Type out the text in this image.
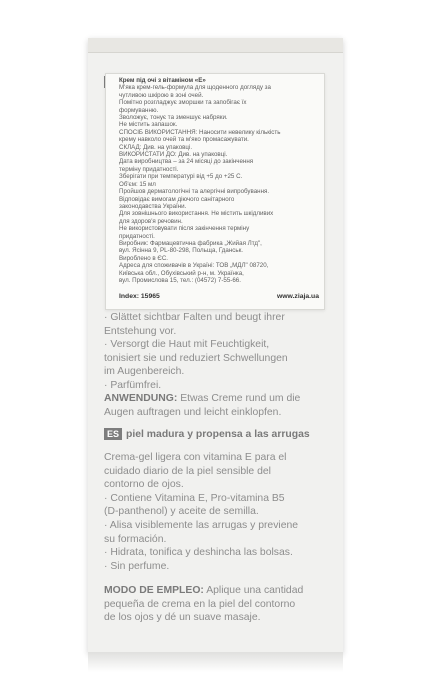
Крем під очі з вітаміном «Е»
М'яка крем-гель-формула для щоденного догляду за
чутливою шкірою в зоні очей.
Помітно розгладжує зморшки та запобігає їх
формуванню.
Зволожує, тонує та зменшує набряки.
Не містить запашок.
СПОСІБ ВИКОРИСТАННЯ: Наносити невелику кількість
крему навколо очей та м'яко промасажувати.
СКЛАД: Див. на упаковці.
ВИКОРИСТАТИ ДО: Див. на упаковці.
Дата виробництва – за 24 місяці до закінчення
терміну придатності.
Зберігати при температурі від +5 до +25 С.
Об'єм: 15 мл
Пройшов дерматологічні та алергічні випробування.
Відповідає вимогам діючого санітарного
законодавства України.
Для зовнішнього використання. Не містить шкідливих
для здоров'я речовин.
Не використовувати після закінчення терміну
придатності.
Виробник: Фармацевтична фабрика „Жийая Лтд",
вул. Ясінна 9, PL-80-298, Польща, Гданськ.
Вироблено в ЄС.
Адреса для споживачів в Україні: ТОВ „МДЛ" 08720,
Київська обл., Обухівський р-н, м. Українка,
вул. Промислова 15, тел.: (04572) 7-55-66.
Index: 15965	www.ziaja.ua
· Glättet sichtbar Falten und beugt ihrer
Entstehung vor.
· Versorgt die Haut mit Feuchtigkeit,
tonisiert sie und reduziert Schwellungen
im Augenbereich.
· Parfümfrei.
ANWENDUNG: Etwas Creme rund um die
Augen auftragen und leicht einklopfen.
ES piel madura y propensa a las arrugas
Crema-gel ligera con vitamina E para el
cuidado diario de la piel sensible del
contorno de ojos.
· Contiene Vitamina E, Pro-vitamina B5
(D-panthenol) y aceite de semilla.
· Alisa visiblemente las arrugas y previene
su formación.
· Hidrata, tonifica y deshincha las bolsas.
· Sin perfume.
MODO DE EMPLEO: Aplique una cantidad
pequeña de crema en la piel del contorno
de los ojos y dé un suave masaje.
